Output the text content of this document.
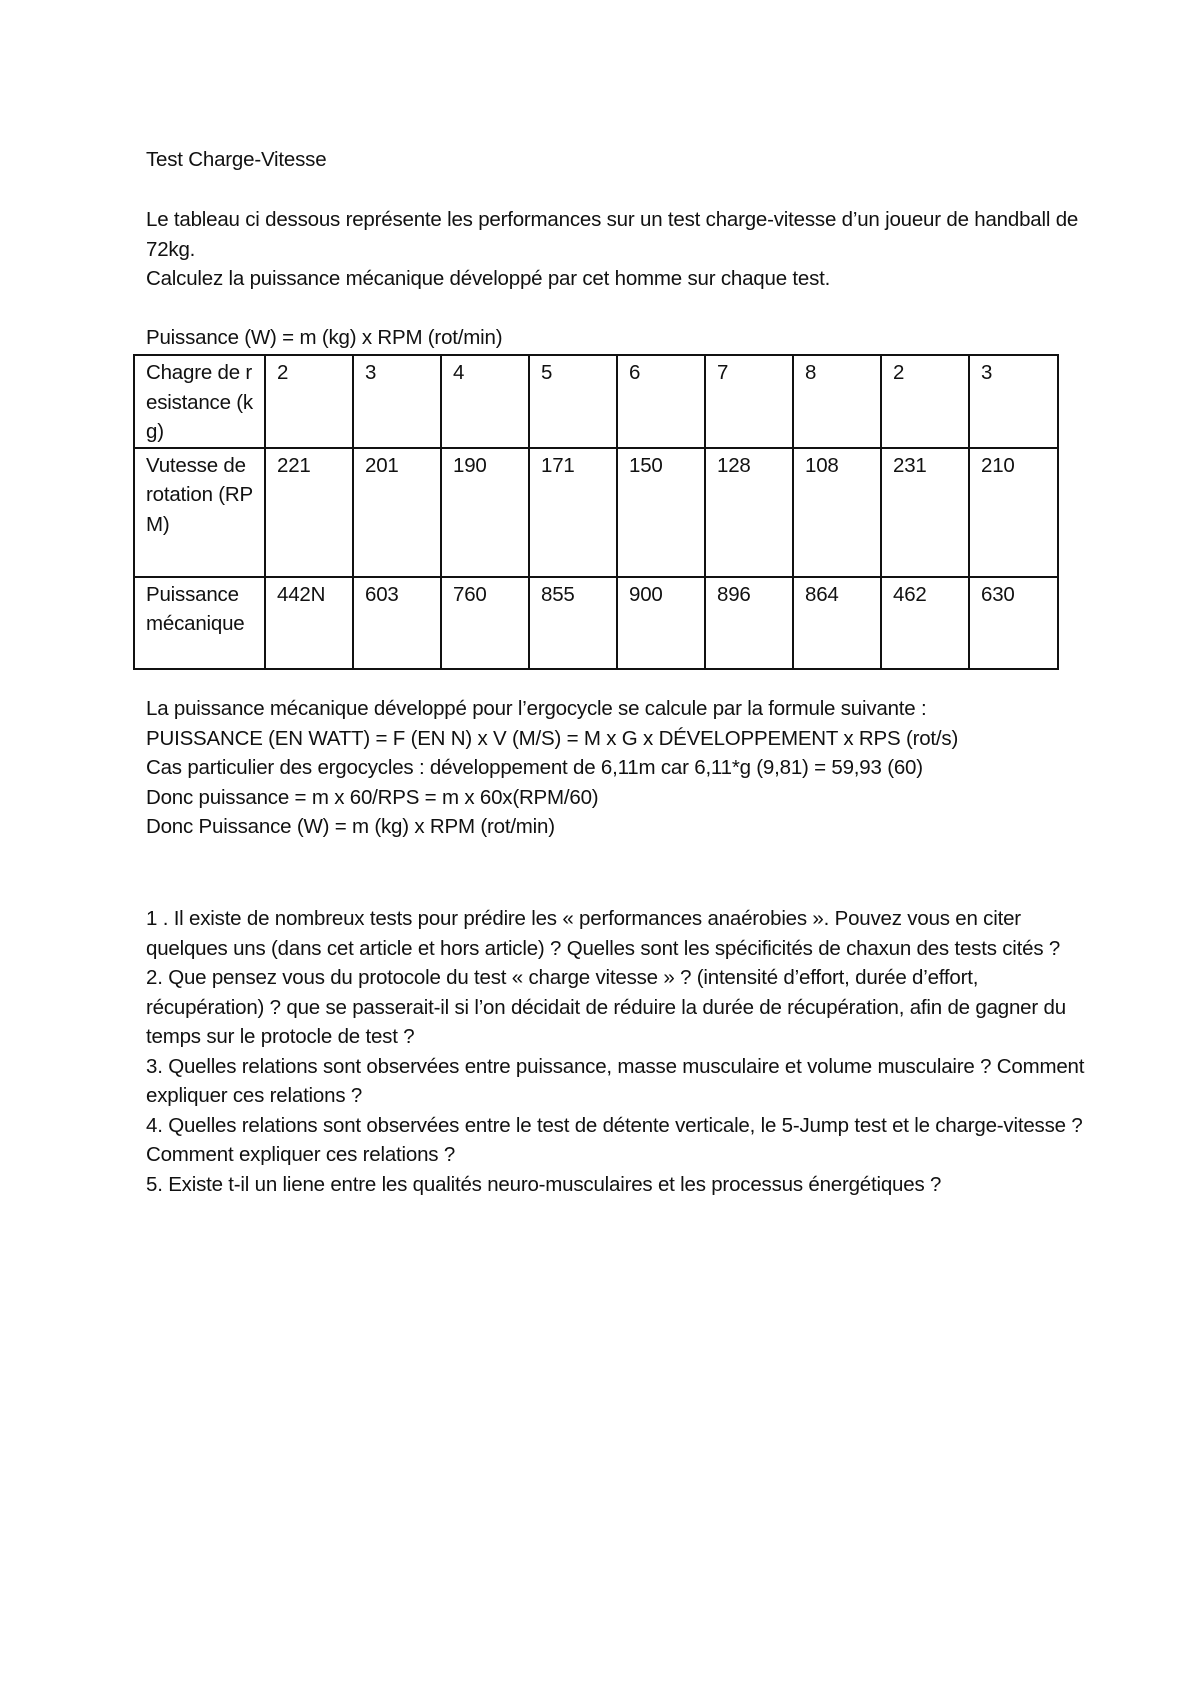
Test Charge-Vitesse

Le tableau ci dessous représente les performances sur un test charge-vitesse d’un joueur de handball de 72kg.

Calculez la puissance mécanique développé par cet homme sur chaque test.

Puissance (W) = m (kg) x RPM (rot/min)

Chagre de resistance (kg)	2	3	4	5	6	7	8	2	3
Vutesse de rotation (RPM)	221	201	190	171	150	128	108	231	210
Puissance mécanique	442N	603	760	855	900	896	864	462	630

La puissance mécanique développé pour l’ergocycle se calcule par la formule suivante :

PUISSANCE (EN WATT) = F (EN N) x V (M/S) = M x G x DÉVELOPPEMENT x RPS (rot/s)

Cas particulier des ergocycles : développement de 6,11m car 6,11*g (9,81) = 59,93 (60)

Donc puissance = m x 60/RPS = m x 60x(RPM/60)

Donc Puissance (W) = m (kg) x RPM (rot/min)

1 . Il existe de nombreux tests pour prédire les « performances anaérobies ». Pouvez vous en citer quelques uns (dans cet article et hors article) ? Quelles sont les spécificités de chaxun des tests cités ?

2. Que pensez vous du protocole du test « charge vitesse » ? (intensité d’effort, durée d’effort, récupération) ? que se passerait-il si l’on décidait de réduire la durée de récupération, afin de gagner du temps sur le protocle de test ?

3. Quelles relations sont observées entre puissance, masse musculaire et volume musculaire ? Comment expliquer ces relations ?

4. Quelles relations sont observées entre le test de détente verticale, le 5-Jump test et le charge-vitesse ? Comment expliquer ces relations ?

5. Existe t-il un liene entre les qualités neuro-musculaires et les processus énergétiques ?
